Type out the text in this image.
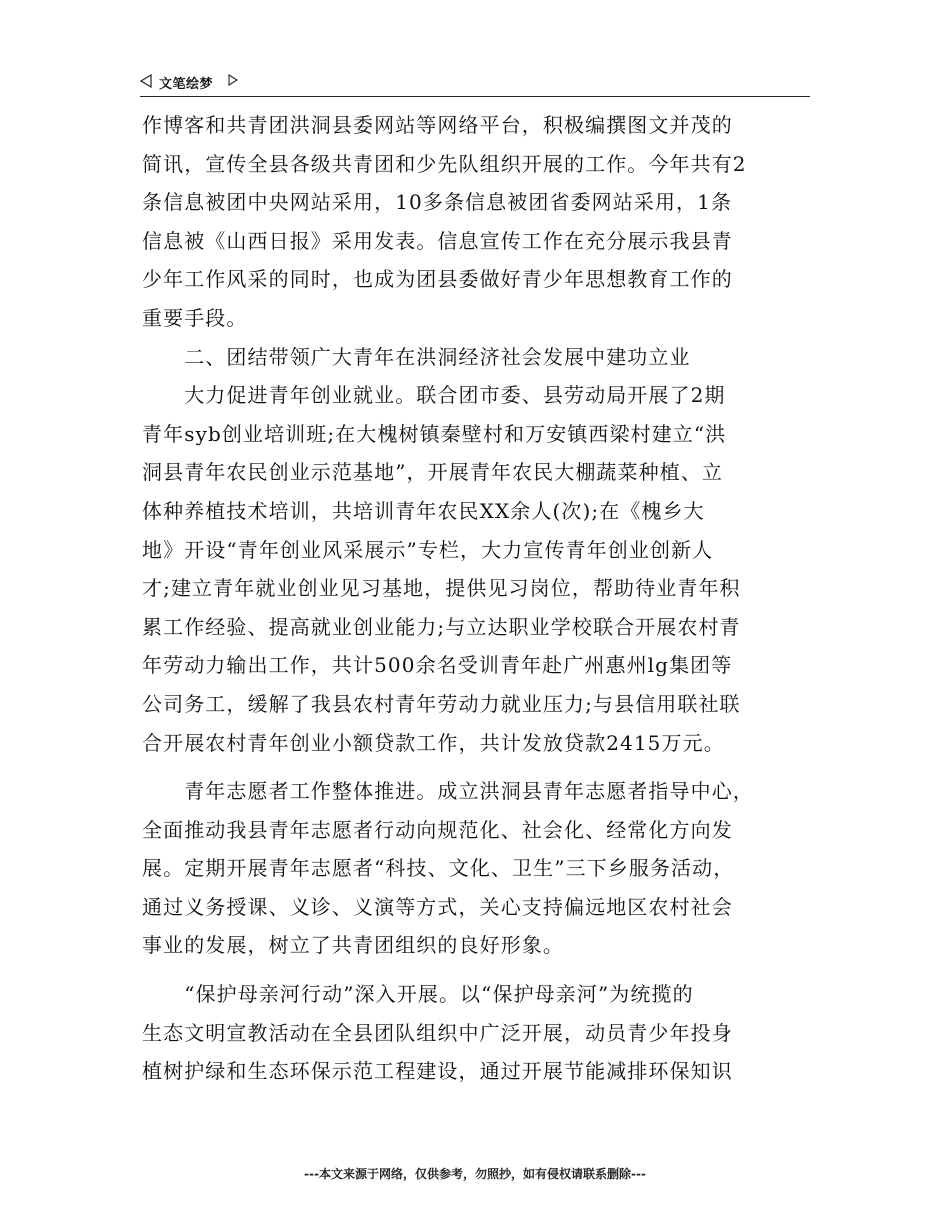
文笔绘梦
作博客和共青团洪洞县委网站等网络平台，积极编撰图文并茂的
简讯，宣传全县各级共青团和少先队组织开展的工作。今年共有2
条信息被团中央网站采用，10多条信息被团省委网站采用，1条
信息被《山西日报》采用发表。信息宣传工作在充分展示我县青
少年工作风采的同时，也成为团县委做好青少年思想教育工作的
重要手段。
　　二、团结带领广大青年在洪洞经济社会发展中建功立业
　　大力促进青年创业就业。联合团市委、县劳动局开展了2期
青年syb创业培训班;在大槐树镇秦壁村和万安镇西梁村建立“洪
洞县青年农民创业示范基地”，开展青年农民大棚蔬菜种植、立
体种养植技术培训，共培训青年农民XX余人(次);在《槐乡大
地》开设“青年创业风采展示”专栏，大力宣传青年创业创新人
才;建立青年就业创业见习基地，提供见习岗位，帮助待业青年积
累工作经验、提高就业创业能力;与立达职业学校联合开展农村青
年劳动力输出工作，共计500余名受训青年赴广州惠州lg集团等
公司务工，缓解了我县农村青年劳动力就业压力;与县信用联社联
合开展农村青年创业小额贷款工作，共计发放贷款2415万元。
　　青年志愿者工作整体推进。成立洪洞县青年志愿者指导中心，
全面推动我县青年志愿者行动向规范化、社会化、经常化方向发
展。定期开展青年志愿者“科技、文化、卫生”三下乡服务活动，
通过义务授课、义诊、义演等方式，关心支持偏远地区农村社会
事业的发展，树立了共青团组织的良好形象。
　　“保护母亲河行动”深入开展。以“保护母亲河”为统揽的
生态文明宣教活动在全县团队组织中广泛开展，动员青少年投身
植树护绿和生态环保示范工程建设，通过开展节能减排环保知识
---本文来源于网络，仅供参考，勿照抄，如有侵权请联系删除---
